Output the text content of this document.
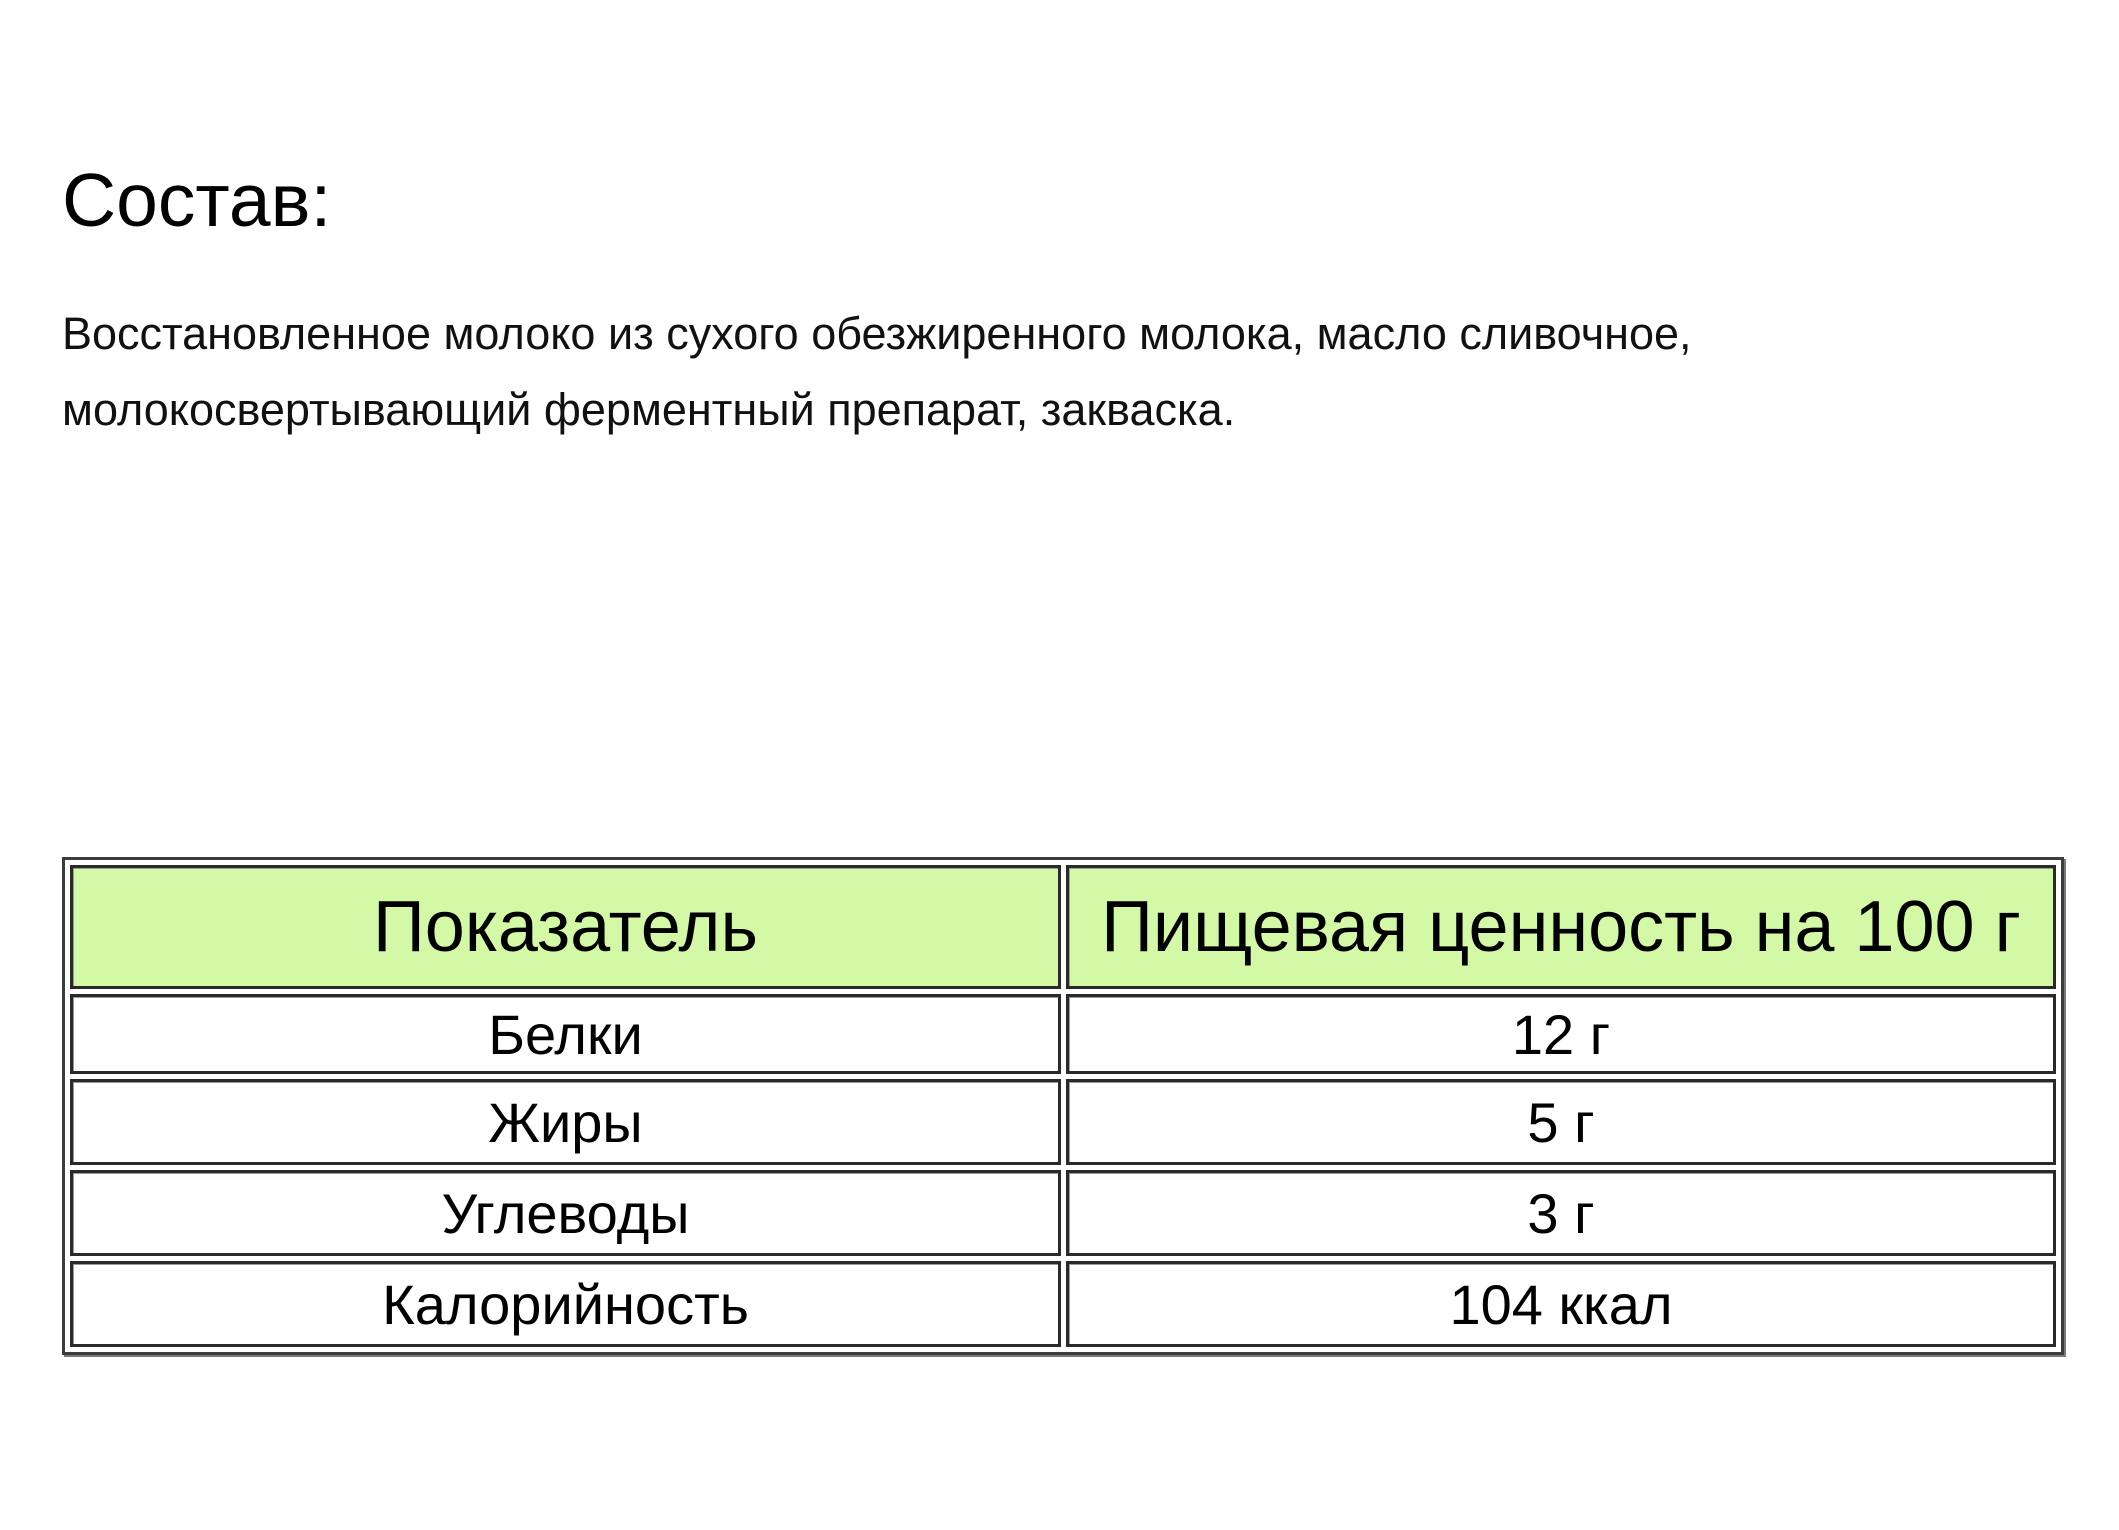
Состав:

Восстановленное молоко из сухого обезжиренного молока, масло сливочное,
молокосвертывающий ферментный препарат, закваска.

Показатель	Пищевая ценность на 100 г
Белки	12 г
Жиры	5 г
Углеводы	3 г
Калорийность	104 ккал
